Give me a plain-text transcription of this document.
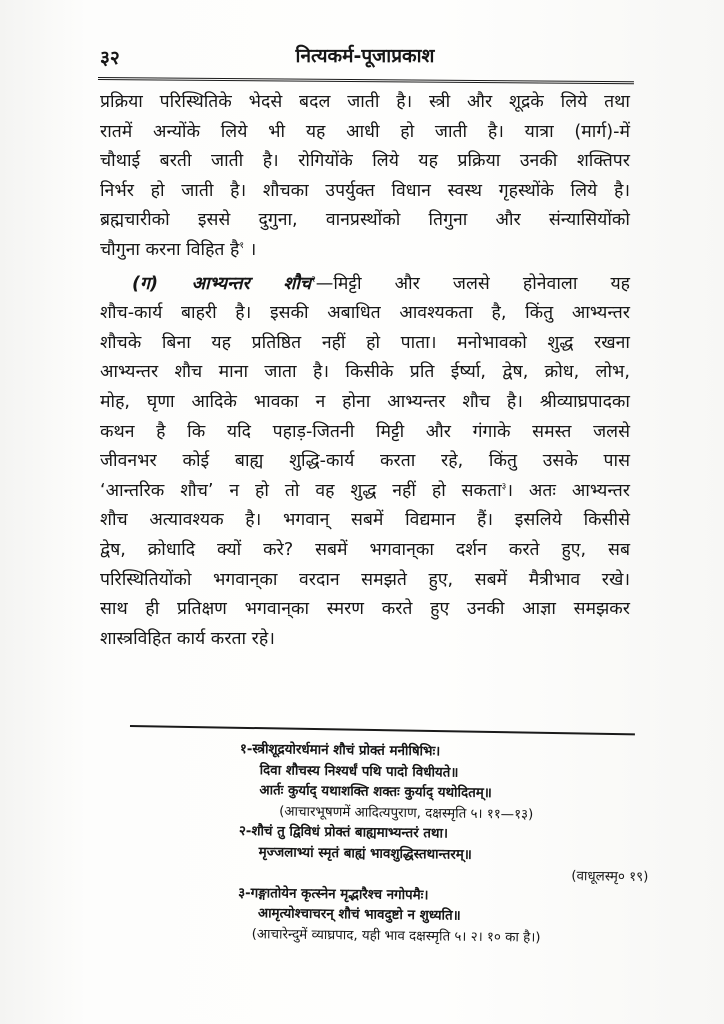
३२	नित्यकर्म-पूजाप्रकाश

प्रक्रिया परिस्थितिके भेदसे बदल जाती है। स्त्री और शूद्रके लिये तथा
रातमें अन्योंके लिये भी यह आधी हो जाती है। यात्रा (मार्ग)-में
चौथाई बरती जाती है। रोगियोंके लिये यह प्रक्रिया उनकी शक्तिपर
निर्भर हो जाती है। शौचका उपर्युक्त विधान स्वस्थ गृहस्थोंके लिये है।
ब्रह्मचारीको इससे दुगुना, वानप्रस्थोंको तिगुना और संन्यासियोंको
चौगुना करना विहित है$^१$ ।

(ग) आभ्यन्तर शौच$^२$—मिट्टी और जलसे होनेवाला यह
शौच-कार्य बाहरी है। इसकी अबाधित आवश्यकता है, किंतु आभ्यन्तर
शौचके बिना यह प्रतिष्ठित नहीं हो पाता। मनोभावको शुद्ध रखना
आभ्यन्तर शौच माना जाता है। किसीके प्रति ईर्ष्या, द्वेष, क्रोध, लोभ,
मोह, घृणा आदिके भावका न होना आभ्यन्तर शौच है। श्रीव्याघ्रपादका
कथन है कि यदि पहाड़-जितनी मिट्टी और गंगाके समस्त जलसे
जीवनभर कोई बाह्य शुद्धि-कार्य करता रहे, किंतु उसके पास
‘आन्तरिक शौच’ न हो तो वह शुद्ध नहीं हो सकता$^३$। अतः आभ्यन्तर
शौच अत्यावश्यक है। भगवान् सबमें विद्यमान हैं। इसलिये किसीसे
द्वेष, क्रोधादि क्यों करे? सबमें भगवान्‌का दर्शन करते हुए, सब
परिस्थितियोंको भगवान्‌का वरदान समझते हुए, सबमें मैत्रीभाव रखे।
साथ ही प्रतिक्षण भगवान्‌का स्मरण करते हुए उनकी आज्ञा समझकर
शास्त्रविहित कार्य करता रहे।

१-स्त्रीशूद्रयोरर्धमानं शौचं प्रोक्तं मनीषिभिः।
दिवा शौचस्य निश्यर्धं पथि पादो विधीयते॥
आर्तः कुर्याद् यथाशक्ति शक्तः कुर्याद् यथोदितम्॥
(आचारभूषणमें आदित्यपुराण, दक्षस्मृति ५। ११—१३)
२-शौचं तु द्विविधं प्रोक्तं बाह्यमाभ्यन्तरं तथा।
मृज्जलाभ्यां स्मृतं बाह्यं भावशुद्धिस्तथान्तरम्॥
(वाधूलस्मृ० १९)
३-गङ्गातोयेन कृत्स्नेन मृद्भारैश्च नगोपमैः।
आमृत्योश्चाचरन् शौचं भावदुष्टो न शुध्यति॥
(आचारेन्दुमें व्याघ्रपाद, यही भाव दक्षस्मृति ५। २। १० का है।)
